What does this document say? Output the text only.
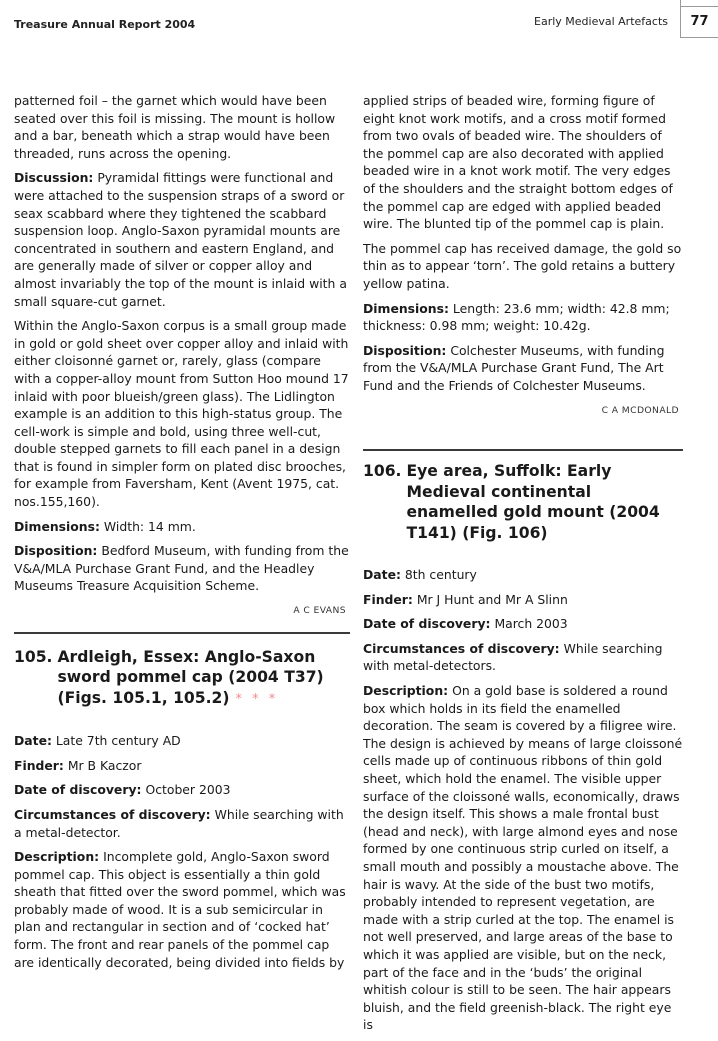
Treasure Annual Report 2004	Early Medieval Artefacts	77

patterned foil – the garnet which would have been seated over this foil is missing. The mount is hollow and a bar, beneath which a strap would have been threaded, runs across the opening.

Discussion: Pyramidal fittings were functional and were attached to the suspension straps of a sword or seax scabbard where they tightened the scabbard suspension loop. Anglo-Saxon pyramidal mounts are concentrated in southern and eastern England, and are generally made of silver or copper alloy and almost invariably the top of the mount is inlaid with a small square-cut garnet.

Within the Anglo-Saxon corpus is a small group made in gold or gold sheet over copper alloy and inlaid with either cloisonné garnet or, rarely, glass (compare with a copper-alloy mount from Sutton Hoo mound 17 inlaid with poor blueish/green glass). The Lidlington example is an addition to this high-status group. The cell-work is simple and bold, using three well-cut, double stepped garnets to fill each panel in a design that is found in simpler form on plated disc brooches, for example from Faversham, Kent (Avent 1975, cat. nos.155,160).

Dimensions: Width: 14 mm.

Disposition: Bedford Museum, with funding from the V&A/MLA Purchase Grant Fund, and the Headley Museums Treasure Acquisition Scheme.

A C EVANS
105. Ardleigh, Essex: Anglo-Saxon sword pommel cap (2004 T37) (Figs. 105.1, 105.2) * * *

Date: Late 7th century AD

Finder: Mr B Kaczor

Date of discovery: October 2003

Circumstances of discovery: While searching with a metal-detector.

Description: Incomplete gold, Anglo-Saxon sword pommel cap. This object is essentially a thin gold sheath that fitted over the sword pommel, which was probably made of wood. It is a sub semicircular in plan and rectangular in section and of ‘cocked hat’ form. The front and rear panels of the pommel cap are identically decorated, being divided into fields by

applied strips of beaded wire, forming figure of eight knot work motifs, and a cross motif formed from two ovals of beaded wire. The shoulders of the pommel cap are also decorated with applied beaded wire in a knot work motif. The very edges of the shoulders and the straight bottom edges of the pommel cap are edged with applied beaded wire. The blunted tip of the pommel cap is plain.

The pommel cap has received damage, the gold so thin as to appear ‘torn’. The gold retains a buttery yellow patina.

Dimensions: Length: 23.6 mm; width: 42.8 mm; thickness: 0.98 mm; weight: 10.42g.

Disposition: Colchester Museums, with funding from the V&A/MLA Purchase Grant Fund, The Art Fund and the Friends of Colchester Museums.

C A MCDONALD
106. Eye area, Suffolk: Early Medieval continental enamelled gold mount (2004 T141) (Fig. 106)

Date: 8th century

Finder: Mr J Hunt and Mr A Slinn

Date of discovery: March 2003

Circumstances of discovery: While searching with metal-detectors.

Description: On a gold base is soldered a round box which holds in its field the enamelled decoration. The seam is covered by a filigree wire. The design is achieved by means of large cloissoné cells made up of continuous ribbons of thin gold sheet, which hold the enamel. The visible upper surface of the cloissoné walls, economically, draws the design itself. This shows a male frontal bust (head and neck), with large almond eyes and nose formed by one continuous strip curled on itself, a small mouth and possibly a moustache above. The hair is wavy. At the side of the bust two motifs, probably intended to represent vegetation, are made with a strip curled at the top. The enamel is not well preserved, and large areas of the base to which it was applied are visible, but on the neck, part of the face and in the ‘buds’ the original whitish colour is still to be seen. The hair appears bluish, and the field greenish-black. The right eye is
